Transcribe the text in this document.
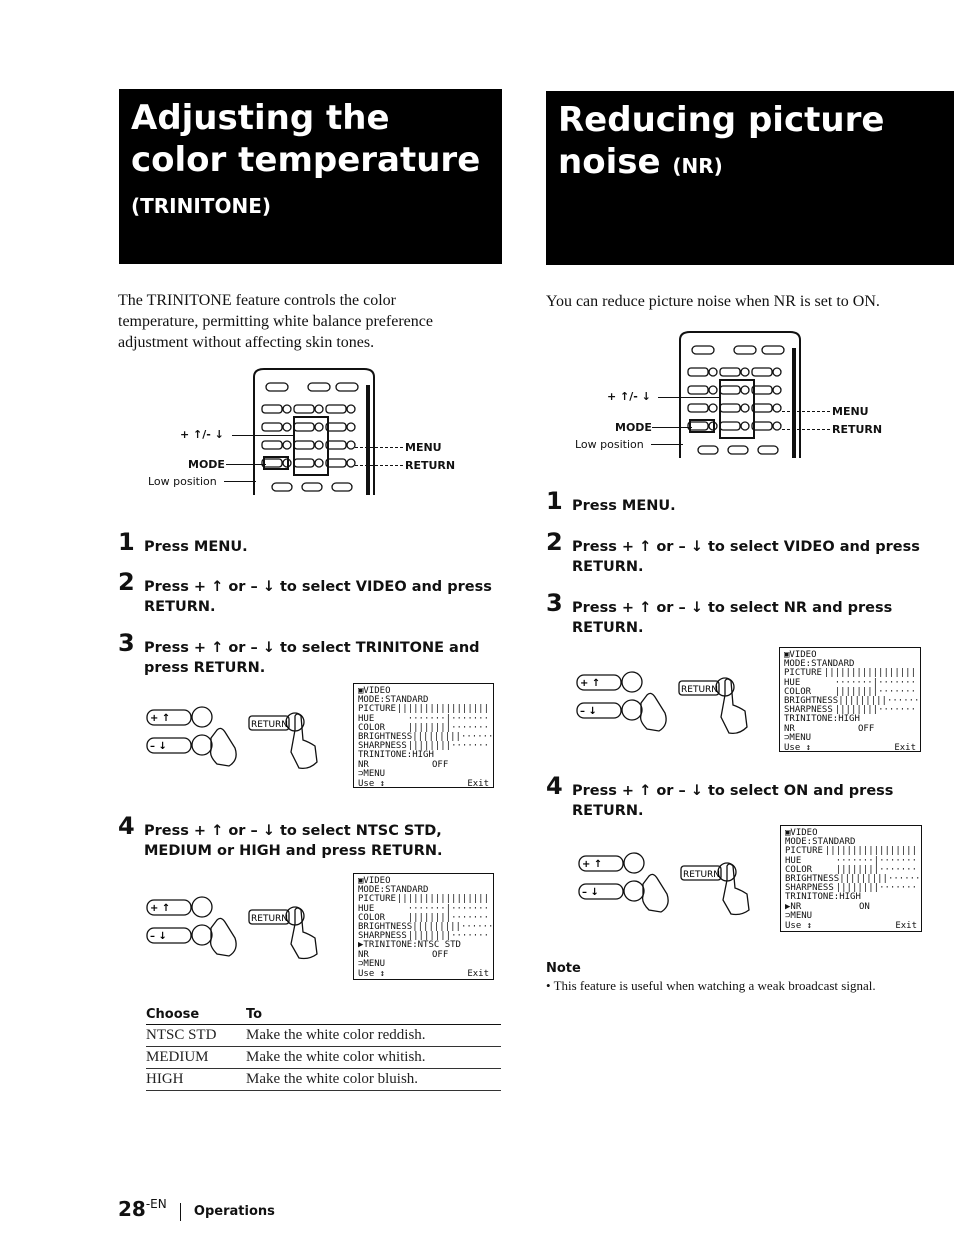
Adjusting the color temperature (TRINITONE)
Reducing picture noise (NR)
The TRINITONE feature controls the color temperature, permitting white balance preference adjustment without affecting skin tones.
You can reduce picture noise when NR is set to ON.
+ ↑/- ↓
MODE
Low position
MENU
RETURN
1 Press MENU.
2 Press + ↑ or – ↓ to select VIDEO and press RETURN.
3 Press + ↑ or – ↓ to select TRINITONE and press RETURN.
+ ↑
– ↓
RETURN
▣VIDEO
MODE:STANDARD
PICTURE |||||||||||||||||
HUE	·······|·······
COLOR	||||||||·······
BRIGHTNESS |||||||||······
SHARPNESS ||||||||·······
TRINITONE : HIGH
NR	OFF
⊃MENU
Use ↕	Exit
4 Press + ↑ or – ↓ to select NTSC STD, MEDIUM or HIGH and press RETURN.
+ ↑
– ↓
RETURN
▣VIDEO
MODE:STANDARD
PICTURE |||||||||||||||||
HUE	·······|·······
COLOR	||||||||·······
BRIGHTNESS |||||||||······
SHARPNESS ||||||||·······
▶ TRINITONE : NTSC STD
NR	OFF
⊃MENU
Use ↕	Exit
Choose	To
NTSC STD	Make the white color reddish.
MEDIUM	Make the white color whitish.
HIGH	Make the white color bluish.
+ ↑/- ↓
MODE
Low position
MENU
RETURN
1 Press MENU.
2 Press + ↑ or – ↓ to select VIDEO and press RETURN.
3 Press + ↑ or – ↓ to select NR and press RETURN.
+ ↑
– ↓
RETURN
▣VIDEO
MODE:STANDARD
PICTURE |||||||||||||||||
HUE	·······|·······
COLOR	||||||||·······
BRIGHTNESS |||||||||······
SHARPNESS ||||||||·······
TRINITONE : HIGH
NR	OFF
⊃MENU
Use ↕	Exit
4 Press + ↑ or – ↓ to select ON and press RETURN.
+ ↑
– ↓
RETURN
▣VIDEO
MODE:STANDARD
PICTURE |||||||||||||||||
HUE	·······|·······
COLOR	||||||||·······
BRIGHTNESS |||||||||······
SHARPNESS ||||||||·······
TRINITONE : HIGH
▶NR	ON
⊃MENU
Use ↕	Exit
Note
• This feature is useful when watching a weak broadcast signal.
$28^{-EN}$ Operations
